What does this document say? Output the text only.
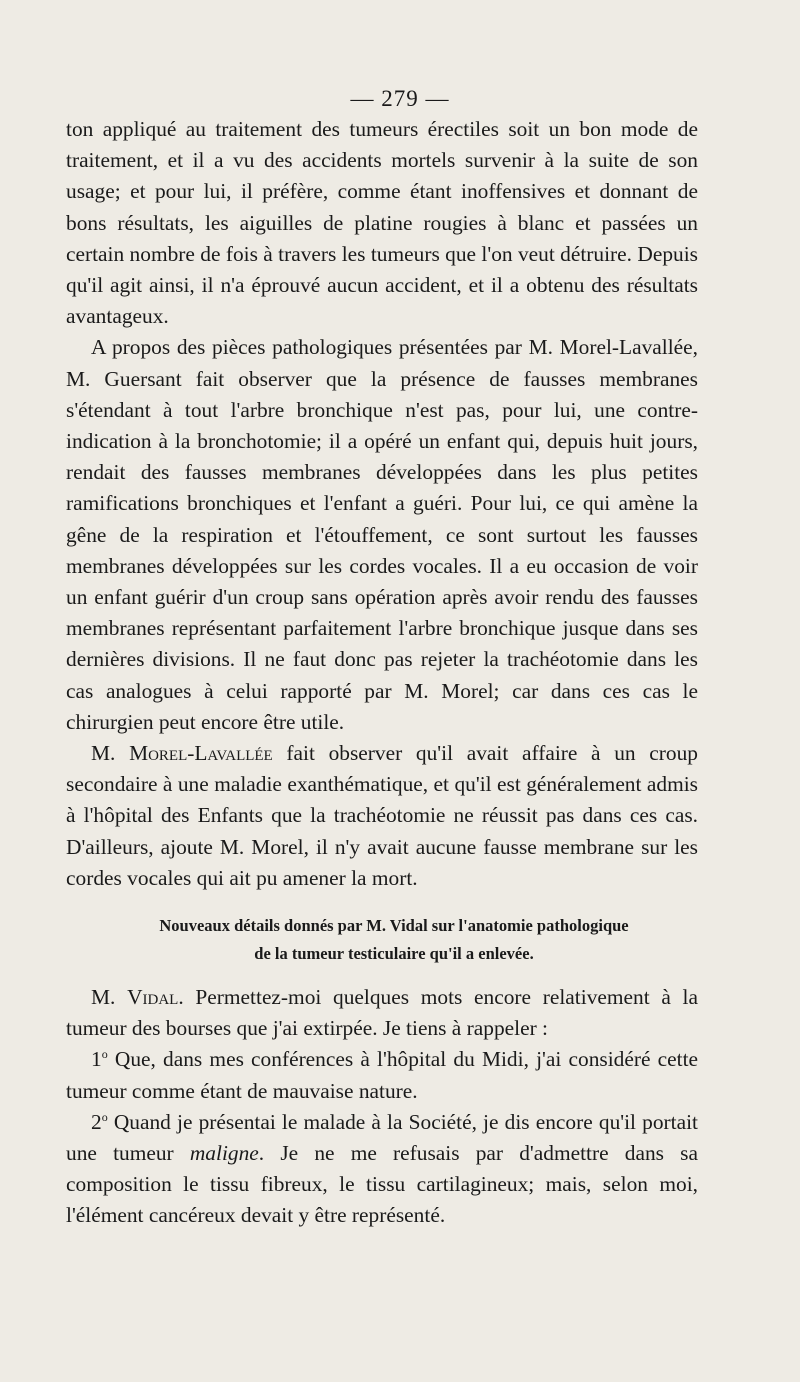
— 279 —

ton appliqué au traitement des tumeurs érectiles soit un bon mode de traitement, et il a vu des accidents mortels survenir à la suite de son usage; et pour lui, il préfère, comme étant inoffensives et donnant de bons résultats, les aiguilles de platine rougies à blanc et passées un certain nombre de fois à travers les tumeurs que l'on veut détruire. Depuis qu'il agit ainsi, il n'a éprouvé aucun accident, et il a obtenu des résultats avantageux.

A propos des pièces pathologiques présentées par M. Morel-Lavallée, M. Guersant fait observer que la présence de fausses membranes s'étendant à tout l'arbre bronchique n'est pas, pour lui, une contre-indication à la bronchotomie; il a opéré un enfant qui, depuis huit jours, rendait des fausses membranes développées dans les plus petites ramifications bronchiques et l'enfant a guéri. Pour lui, ce qui amène la gêne de la respiration et l'étouffement, ce sont surtout les fausses membranes développées sur les cordes vocales. Il a eu occasion de voir un enfant guérir d'un croup sans opération après avoir rendu des fausses membranes représentant parfaitement l'arbre bronchique jusque dans ses dernières divisions. Il ne faut donc pas rejeter la trachéotomie dans les cas analogues à celui rapporté par M. Morel; car dans ces cas le chirurgien peut encore être utile.

M. Morel-Lavallée fait observer qu'il avait affaire à un croup secondaire à une maladie exanthématique, et qu'il est généralement admis à l'hôpital des Enfants que la trachéotomie ne réussit pas dans ces cas. D'ailleurs, ajoute M. Morel, il n'y avait aucune fausse membrane sur les cordes vocales qui ait pu amener la mort.

Nouveaux détails donnés par M. Vidal sur l'anatomie pathologique
de la tumeur testiculaire qu'il a enlevée.

M. Vidal. Permettez-moi quelques mots encore relativement à la tumeur des bourses que j'ai extirpée. Je tiens à rappeler :

1$^o$ Que, dans mes conférences à l'hôpital du Midi, j'ai considéré cette tumeur comme étant de mauvaise nature.

2$^o$ Quand je présentai le malade à la Société, je dis encore qu'il portait une tumeur maligne. Je ne me refusais par d'admettre dans sa composition le tissu fibreux, le tissu cartilagineux; mais, selon moi, l'élément cancéreux devait y être représenté.
